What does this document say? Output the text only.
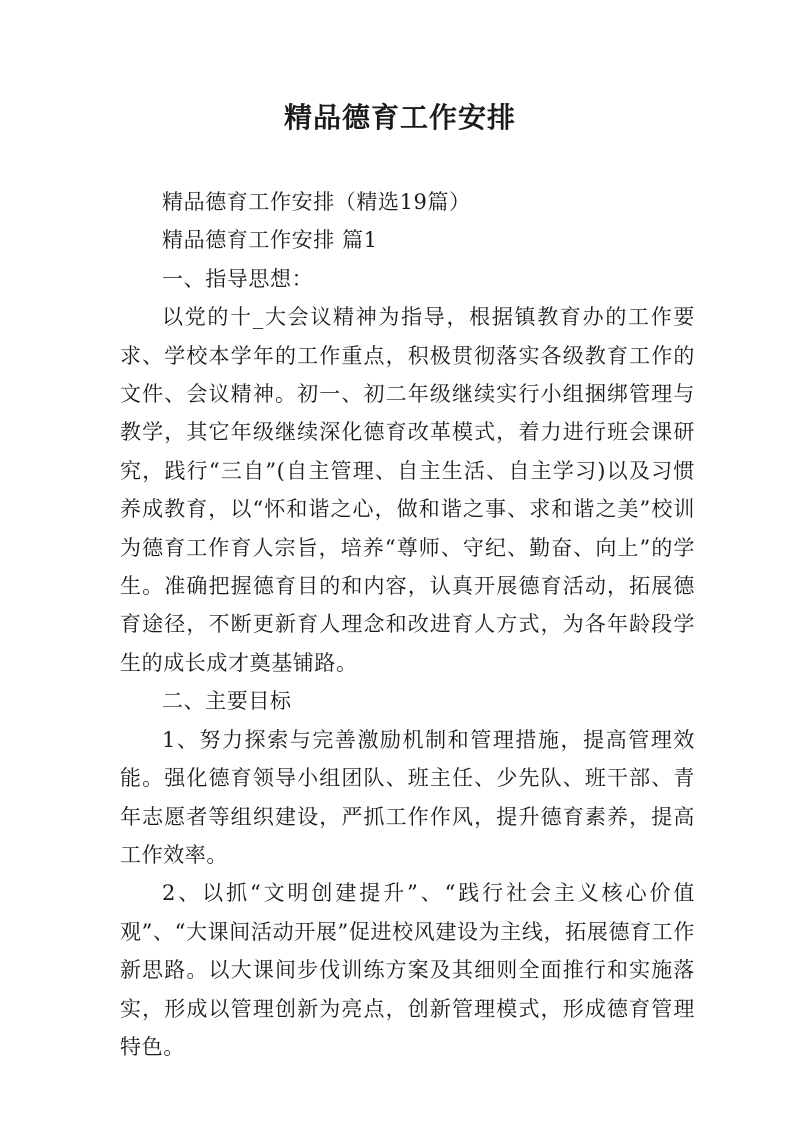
精品德育工作安排

精品德育工作安排（精选19篇）

精品德育工作安排 篇1

一、指导思想：

以党的十_大会议精神为指导，根据镇教育办的工作要求、学校本学年的工作重点，积极贯彻落实各级教育工作的文件、会议精神。初一、初二年级继续实行小组捆绑管理与教学，其它年级继续深化德育改革模式，着力进行班会课研究，践行“三自”(自主管理、自主生活、自主学习)以及习惯养成教育，以“怀和谐之心，做和谐之事、求和谐之美”校训为德育工作育人宗旨，培养“尊师、守纪、勤奋、向上”的学生。准确把握德育目的和内容，认真开展德育活动，拓展德育途径，不断更新育人理念和改进育人方式，为各年龄段学生的成长成才奠基铺路。

二、主要目标

1、努力探索与完善激励机制和管理措施，提高管理效能。强化德育领导小组团队、班主任、少先队、班干部、青年志愿者等组织建设，严抓工作作风，提升德育素养，提高工作效率。

2、以抓“文明创建提升”、“践行社会主义核心价值观”、“大课间活动开展”促进校风建设为主线，拓展德育工作新思路。以大课间步伐训练方案及其细则全面推行和实施落实，形成以管理创新为亮点，创新管理模式，形成德育管理特色。
